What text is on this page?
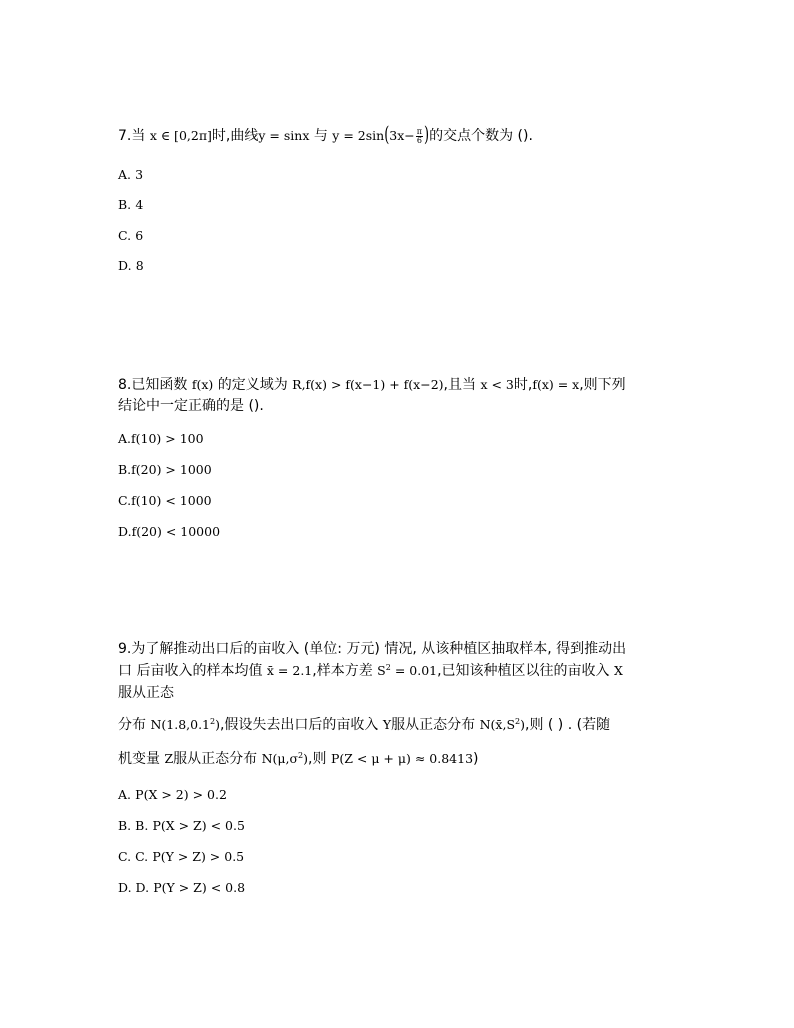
7.当 x ∈ [0,2π]时,曲线y = sinx 与 $y = 2\sin(3x- \frac{\pi}{6}$ )的交点个数为 ().
A. 3
B. 4
C. 6
D. 8
8.已知函数 f(x) 的定义域为 R,f(x) > f(x−1) + f(x−2),且当 x < 3时,f(x) = x,则下列
结论中一定正确的是 ().
A.f(10) > 100
B.f(20) > 1000
C.f(10) < 1000
D.f(20) < 10000
9.为了解推动出口后的亩收入 (单位: 万元) 情况, 从该种植区抽取样本, 得到推动出
口 后亩收入的样本均值 x̄ = 2.1,样本方差 $S^2 = 0.01$,已知该种植区以往的亩收入 X
服从正态
分布 N(1.8,0.1$^2$),假设失去出口后的亩收入 Y服从正态分布 $N(x̄,S^2)$,则 ( ) . (若随
机变量 Z服从正态分布 $N(\mu,\sigma^2)$,则 P(Z < μ + μ) ≈ 0.8413)
A. P(X > 2) > 0.2
B. B. P(X > Z) < 0.5
C. C. P(Y > Z) > 0.5
D. D. P(Y > Z) < 0.8
